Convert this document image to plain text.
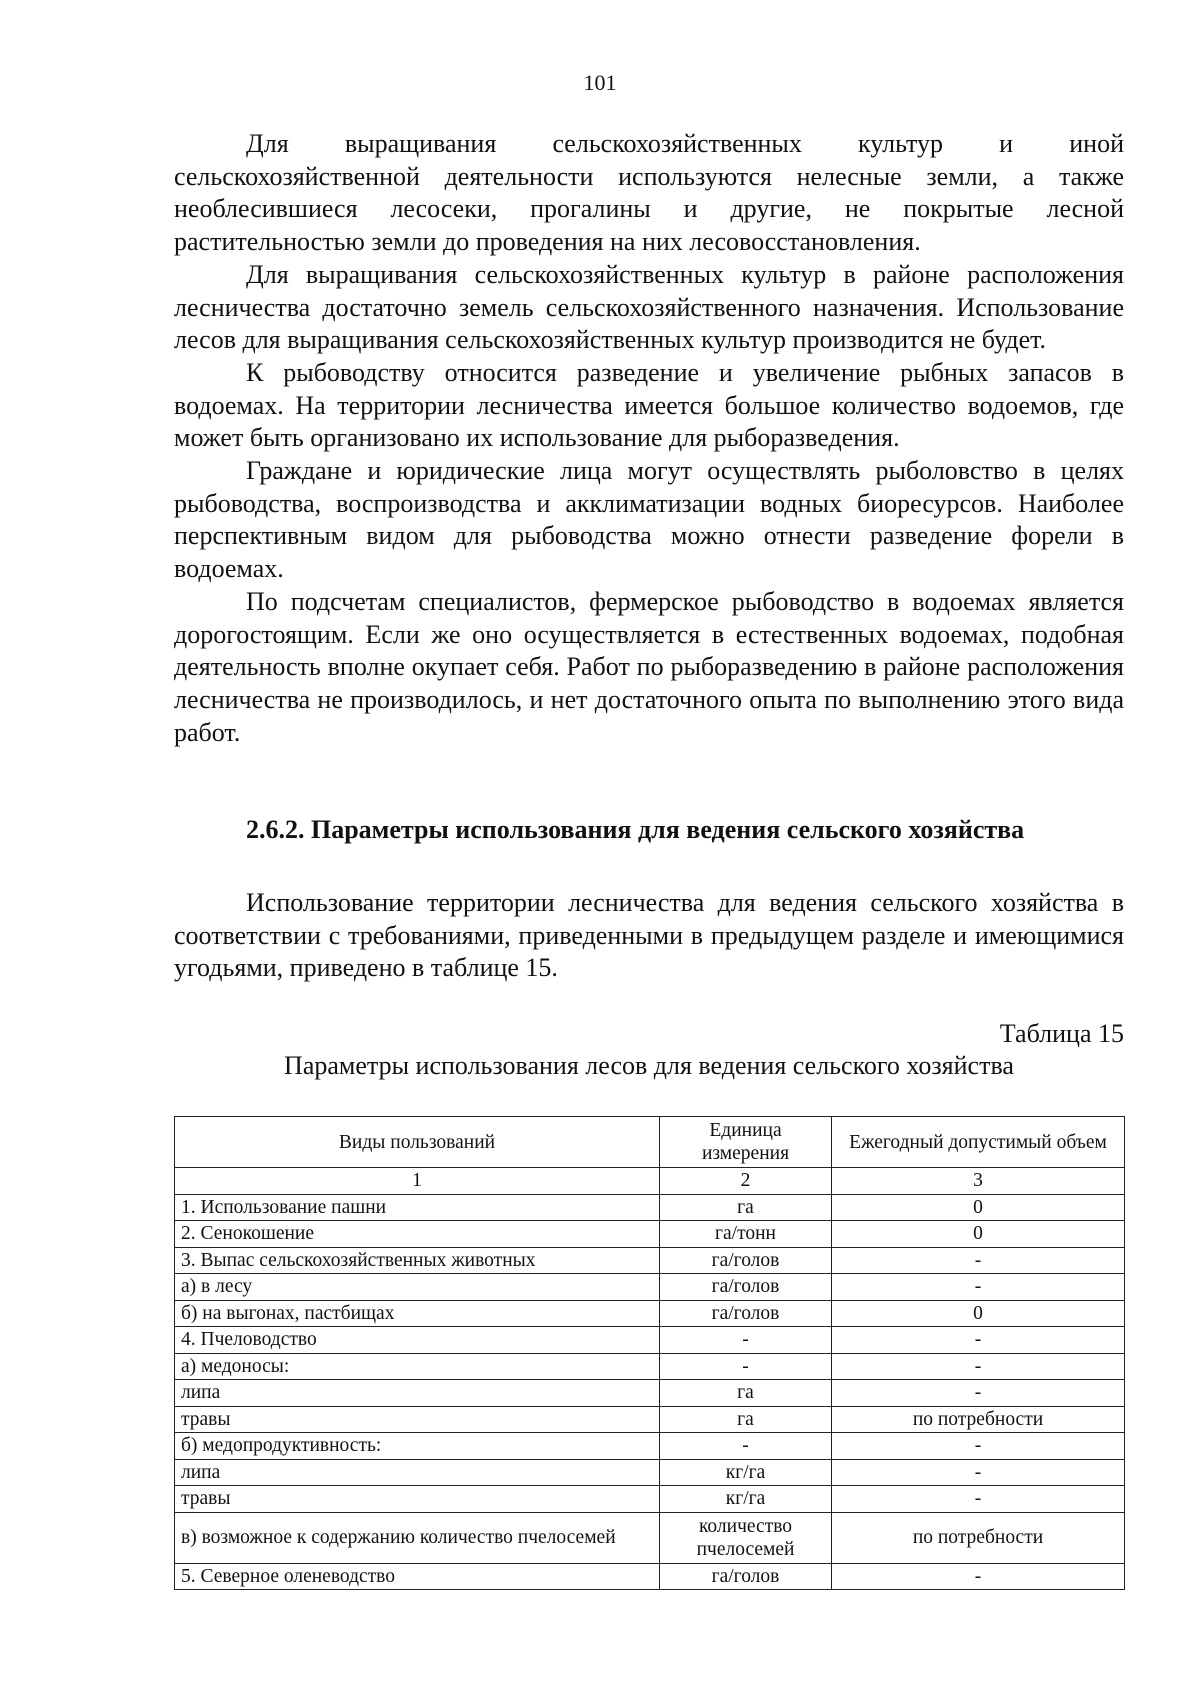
101

Для выращивания сельскохозяйственных культур и иной сельскохозяйственной деятельности используются нелесные земли, а также необлесившиеся лесосеки, прогалины и другие, не покрытые лесной растительностью земли до проведения на них лесовосстановления.

Для выращивания сельскохозяйственных культур в районе расположения лесничества достаточно земель сельскохозяйственного назначения. Использование лесов для выращивания сельскохозяйственных культур производится не будет.

К рыбоводству относится разведение и увеличение рыбных запасов в водоемах. На территории лесничества имеется большое количество водоемов, где может быть организовано их использование для рыборазведения.

Граждане и юридические лица могут осуществлять рыболовство в целях рыбоводства, воспроизводства и акклиматизации водных биоресурсов. Наиболее перспективным видом для рыбоводства можно отнести разведение форели в водоемах.

По подсчетам специалистов, фермерское рыбоводство в водоемах является дорогостоящим. Если же оно осуществляется в естественных водоемах, подобная деятельность вполне окупает себя. Работ по рыборазведению в районе расположения лесничества не производилось, и нет достаточного опыта по выполнению этого вида работ.

2.6.2. Параметры использования для ведения сельского хозяйства

Использование территории лесничества для ведения сельского хозяйства в соответствии с требованиями, приведенными в предыдущем разделе и имеющимися угодьями, приведено в таблице 15.

Таблица 15
Параметры использования лесов для ведения сельского хозяйства
Виды пользований	Единица измерения	Ежегодный допустимый объем
1	2	3
1. Использование пашни	га	0
2. Сенокошение	га/тонн	0
3. Выпас сельскохозяйственных животных	га/голов	-
а) в лесу	га/голов	-
б) на выгонах, пастбищах	га/голов	0
4. Пчеловодство	-	-
а) медоносы:	-	-
липа	га	-
травы	га	по потребности
б) медопродуктивность:	-	-
липа	кг/га	-
травы	кг/га	-
в) возможное к содержанию количество пчелосемей	количество пчелосемей	по потребности
5. Северное оленеводство	га/голов	-
